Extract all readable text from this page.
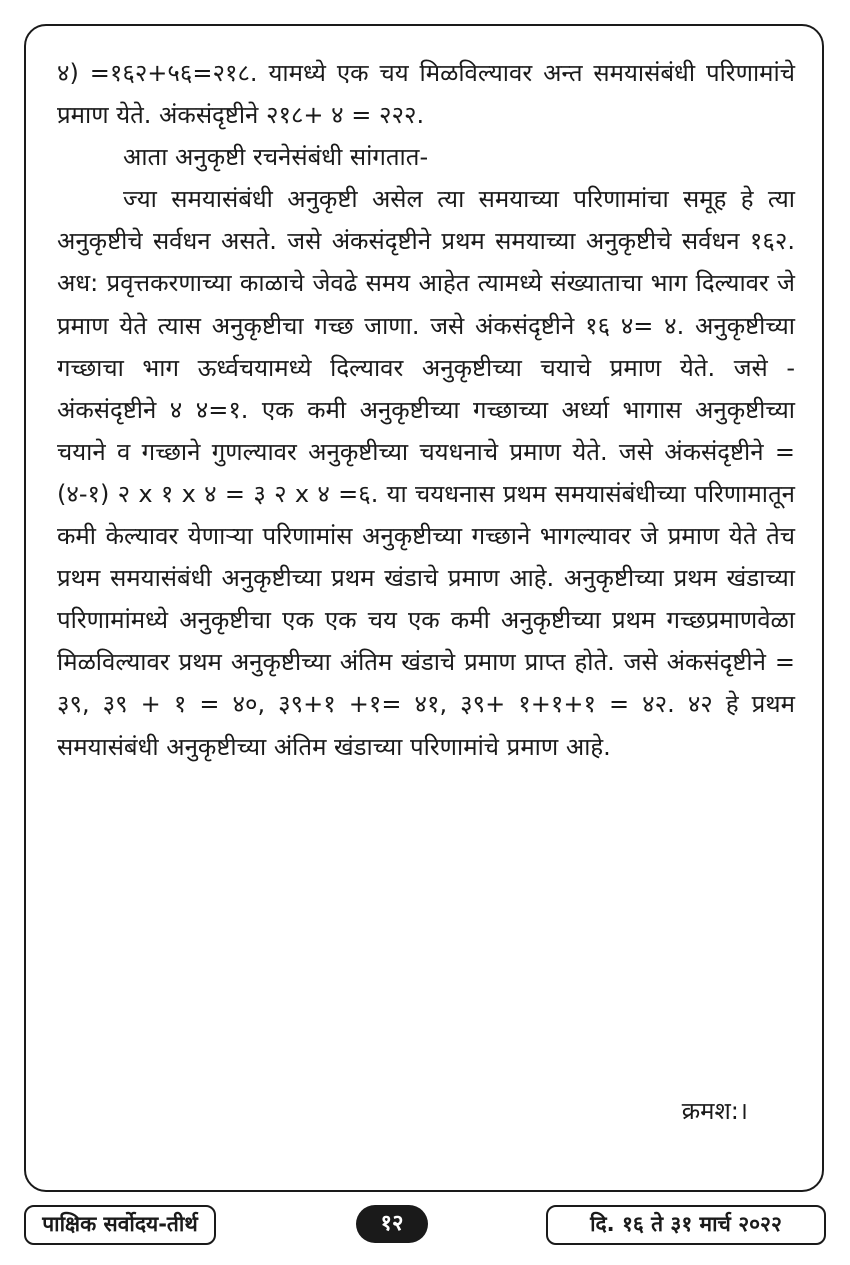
४) =१६२+५६=२१८. यामध्ये एक चय मिळविल्यावर अन्त समयासंबंधी परिणामांचे प्रमाण येते. अंकसंदृष्टीने २१८+ ४ = २२२.

आता अनुकृष्टी रचनेसंबंधी सांगतात-

ज्या समयासंबंधी अनुकृष्टी असेल त्या समयाच्या परिणामांचा समूह हे त्या अनुकृष्टीचे सर्वधन असते. जसे अंकसंदृष्टीने प्रथम समयाच्या अनुकृष्टीचे सर्वधन १६२. अध: प्रवृत्तकरणाच्या काळाचे जेवढे समय आहेत त्यामध्ये संख्याताचा भाग दिल्यावर जे प्रमाण येते त्यास अनुकृष्टीचा गच्छ जाणा. जसे अंकसंदृष्टीने १६ ४= ४. अनुकृष्टीच्या गच्छाचा भाग ऊर्ध्वचयामध्ये दिल्यावर अनुकृष्टीच्या चयाचे प्रमाण येते. जसे - अंकसंदृष्टीने ४ ४=१. एक कमी अनुकृष्टीच्या गच्छाच्या अर्ध्या भागास अनुकृष्टीच्या चयाने व गच्छाने गुणल्यावर अनुकृष्टीच्या चयधनाचे प्रमाण येते. जसे अंकसंदृष्टीने = (४-१) २ x १ x ४ = ३ २ x ४ =६. या चयधनास प्रथम समयासंबंधीच्या परिणामातून कमी केल्यावर येणाऱ्या परिणामांस अनुकृष्टीच्या गच्छाने भागल्यावर जे प्रमाण येते तेच प्रथम समयासंबंधी अनुकृष्टीच्या प्रथम खंडाचे प्रमाण आहे. अनुकृष्टीच्या प्रथम खंडाच्या परिणामांमध्ये अनुकृष्टीचा एक एक चय एक कमी अनुकृष्टीच्या प्रथम गच्छप्रमाणवेळा मिळविल्यावर प्रथम अनुकृष्टीच्या अंतिम खंडाचे प्रमाण प्राप्त होते. जसे अंकसंदृष्टीने = ३९, ३९ + १ = ४०, ३९+१ +१= ४१, ३९+ १+१+१ = ४२. ४२ हे प्रथम समयासंबंधी अनुकृष्टीच्या अंतिम खंडाच्या परिणामांचे प्रमाण आहे.

क्रमश:।
पाक्षिक सर्वोदय-तीर्थ	१२	दि. १६ ते ३१ मार्च २०२२
